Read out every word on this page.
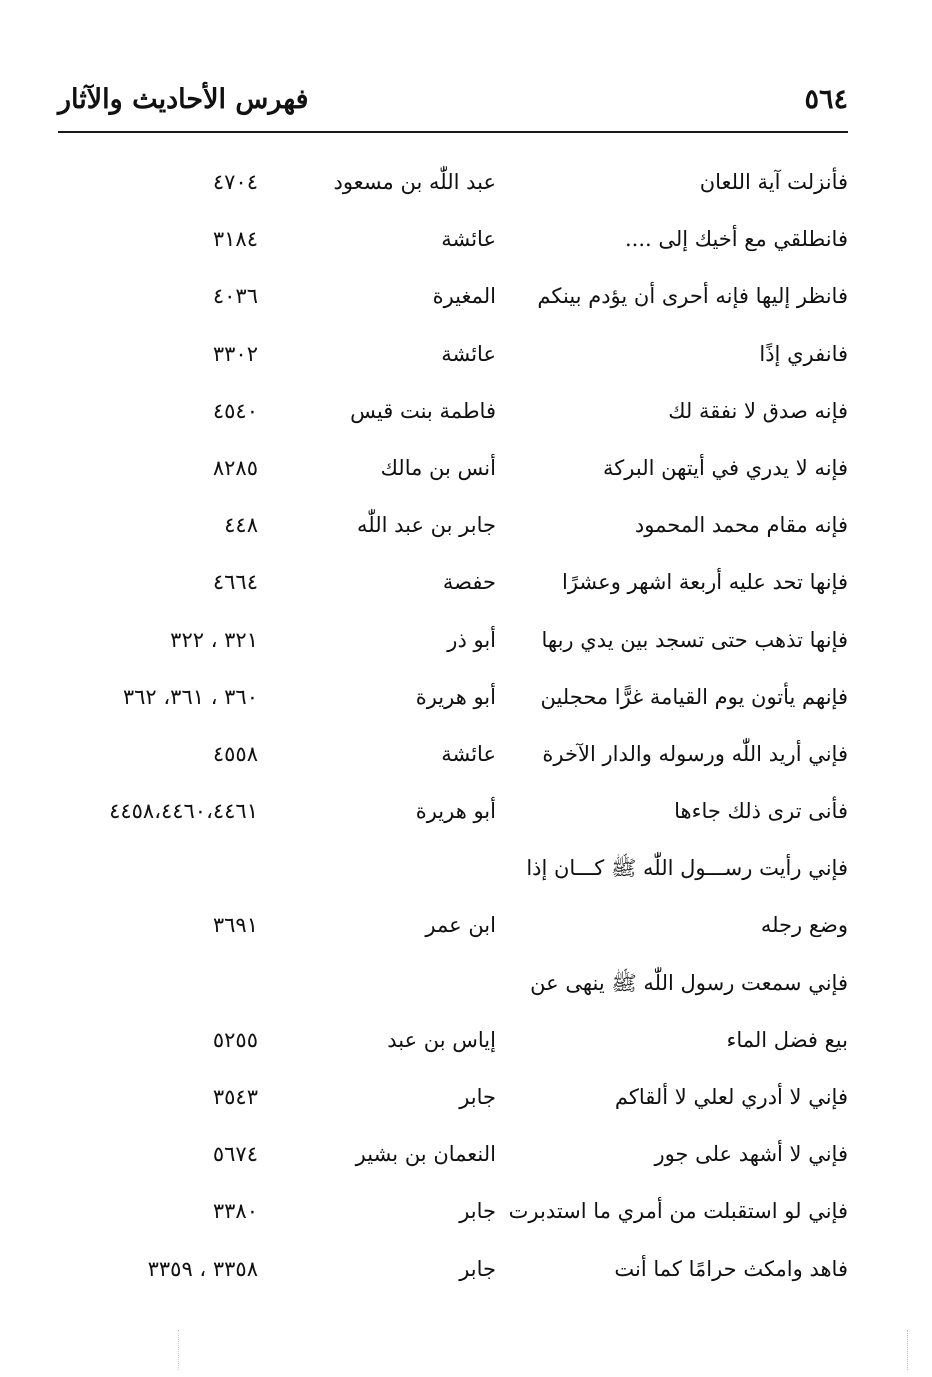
فهرس الأحاديث والآثار	٥٦٤
فأنزلت آية اللعان
عبد اللّٰه بن مسعود
٤٧٠٤
فانطلقي مع أخيك إلى ....
عائشة
٣١٨٤
فانظر إليها فإنه أحرى أن يؤدم بينكم
المغيرة
٤٠٣٦
فانفري إذًا
عائشة
٣٣٠٢
فإنه صدق لا نفقة لك
فاطمة بنت قيس
٤٥٤٠
فإنه لا يدري في أيتهن البركة
أنس بن مالك
٨٢٨٥
فإنه مقام محمد المحمود
جابر بن عبد اللّٰه
٤٤٨
فإنها تحد عليه أربعة اشهر وعشرًا
حفصة
٤٦٦٤
فإنها تذهب حتى تسجد بين يدي ربها
أبو ذر
٣٢١ ، ٣٢٢
فإنهم يأتون يوم القيامة غرًّا محجلين
أبو هريرة
٣٦٠ ، ٣٦١، ٣٦٢
فإني أريد اللّٰه ورسوله والدار الآخرة
عائشة
٤٥٥٨
فأنى ترى ذلك جاءها
أبو هريرة
٤٤٥٨،٤٤٦٠،٤٤٦١
فإني رأيت رســـول اللّٰه ﷺ كـــان إذا
وضع رجله
ابن عمر
٣٦٩١
فإني سمعت رسول اللّٰه ﷺ ينهى عن
بيع فضل الماء
إياس بن عبد
٥٢٥٥
فإني لا أدري لعلي لا ألقاكم
جابر
٣٥٤٣
فإني لا أشهد على جور
النعمان بن بشير
٥٦٧٤
فإني لو استقبلت من أمري ما استدبرت
جابر
٣٣٨٠
فاهد وامكث حرامًا كما أنت
جابر
٣٣٥٨ ، ٣٣٥٩
